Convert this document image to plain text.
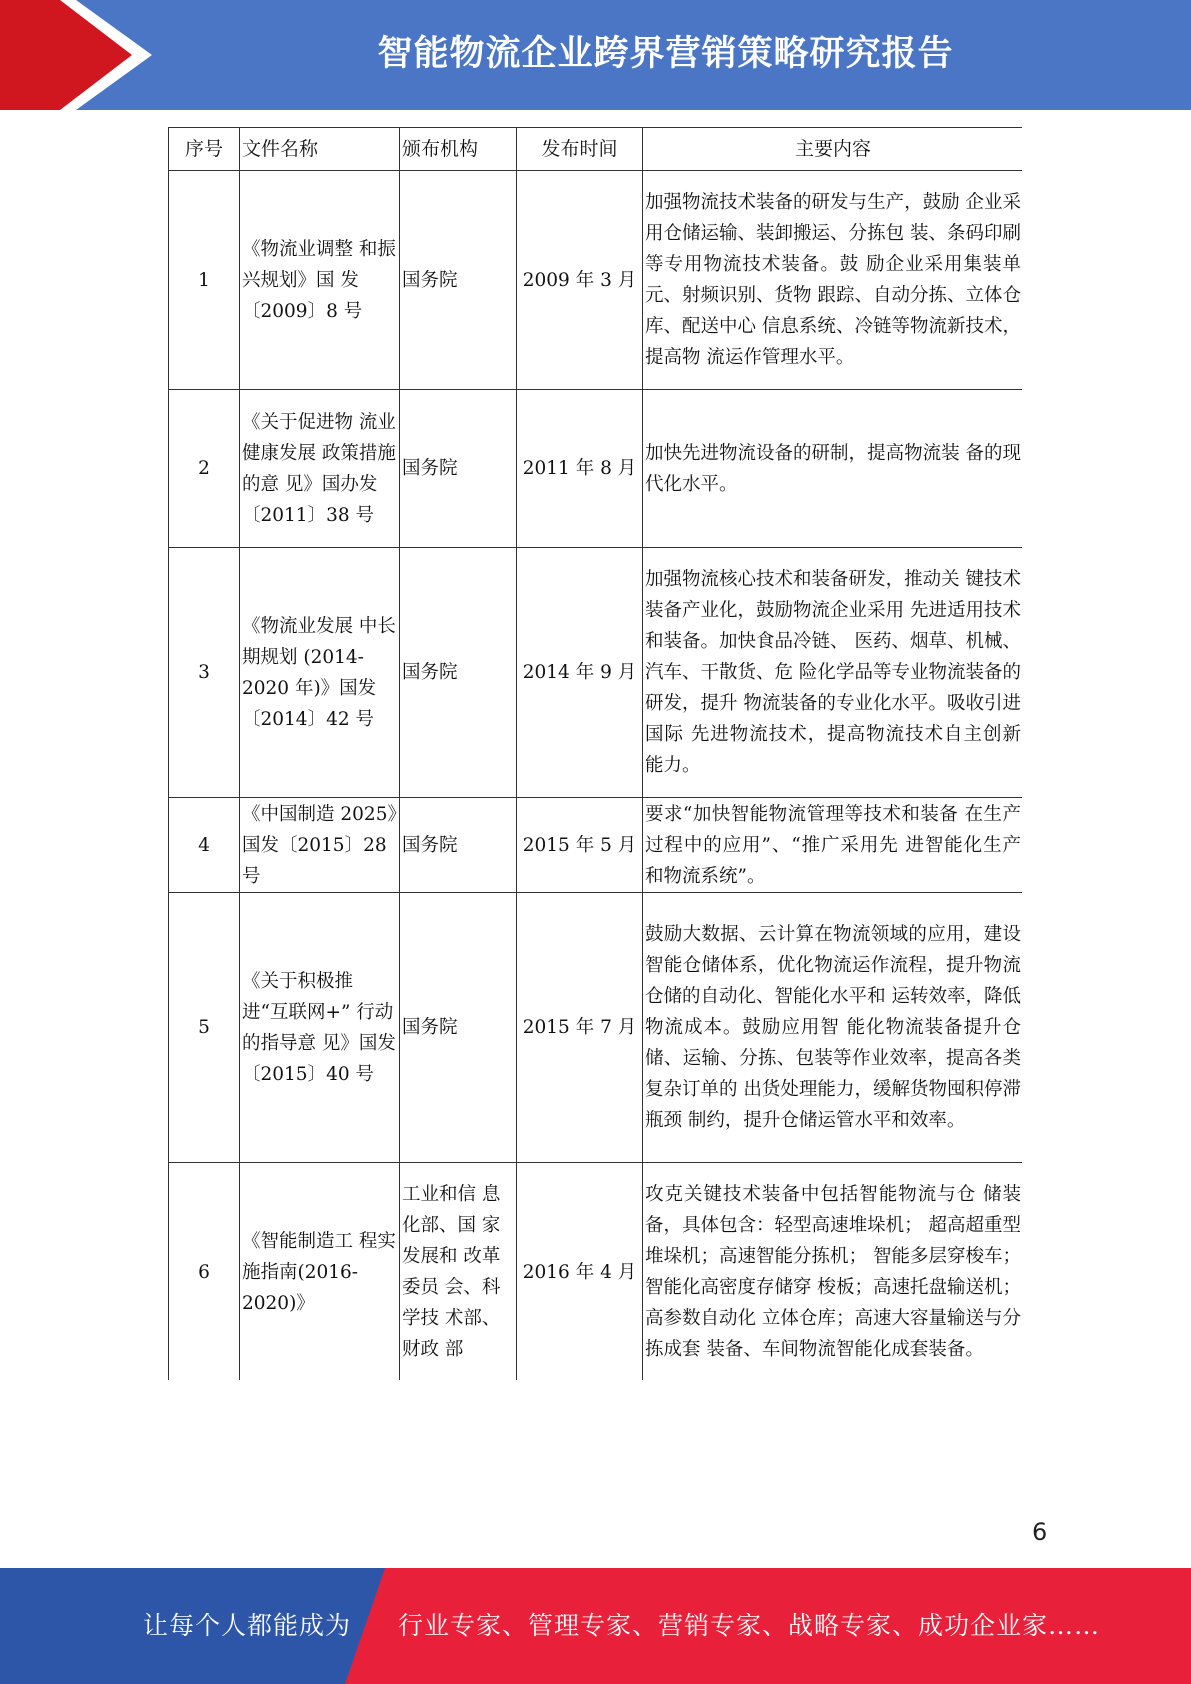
智能物流企业跨界营销策略研究报告
序号	文件名称	颁布机构	发布时间	主要内容
1	《物流业调整 和振兴规划》国 发〔2009〕8 号	国务院	2009 年 3 月	加强物流技术装备的研发与生产，鼓励 企业采用仓储运输、装卸搬运、分拣包 装、条码印刷等专用物流技术装备。鼓 励企业采用集装单元、射频识别、货物 跟踪、自动分拣、立体仓库、配送中心 信息系统、冷链等物流新技术，提高物 流运作管理水平。
2	《关于促进物 流业健康发展 政策措施的意 见》国办发〔2011〕38 号	国务院	2011 年 8 月	加快先进物流设备的研制，提高物流装 备的现代化水平。
3	《物流业发展 中长期规划 (2014-2020 年)》国发〔2014〕42 号	国务院	2014 年 9 月	加强物流核心技术和装备研发，推动关 键技术装备产业化，鼓励物流企业采用 先进适用技术和装备。加快食品冷链、 医药、烟草、机械、汽车、干散货、危 险化学品等专业物流装备的研发，提升 物流装备的专业化水平。吸收引进国际 先进物流技术，提高物流技术自主创新 能力。
4	《中国制造 2025》国发〔2015〕28 号	国务院	2015 年 5 月	要求“加快智能物流管理等技术和装备 在生产过程中的应用”、“推广采用先 进智能化生产和物流系统”。
5	《关于积极推 进“互联网+” 行动的指导意 见》国发〔2015〕40 号	国务院	2015 年 7 月	鼓励大数据、云计算在物流领域的应用，建设智能仓储体系，优化物流运作流程，提升物流仓储的自动化、智能化水平和 运转效率，降低物流成本。鼓励应用智 能化物流装备提升仓储、运输、分拣、包装等作业效率，提高各类复杂订单的 出货处理能力，缓解货物囤积停滞瓶颈 制约，提升仓储运管水平和效率。
6	《智能制造工 程实施指南(2016-2020)》	工业和信 息化部、国 家发展和 改革委员 会、科学技 术部、财政 部	2016 年 4 月	攻克关键技术装备中包括智能物流与仓 储装备，具体包含：轻型高速堆垛机； 超高超重型堆垛机；高速智能分拣机； 智能多层穿梭车；智能化高密度存储穿 梭板；高速托盘输送机；高参数自动化 立体仓库；高速大容量输送与分拣成套 装备、车间物流智能化成套装备。
6
让每个人都能成为 行业专家、管理专家、营销专家、战略专家、成功企业家……
